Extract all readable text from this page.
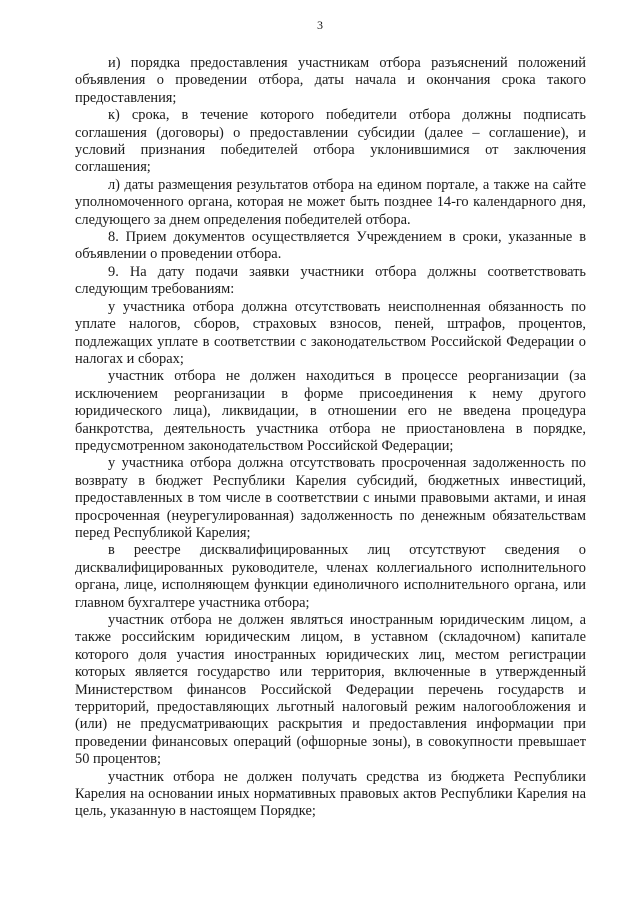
3

и) порядка предоставления участникам отбора разъяснений положений объявления о проведении отбора, даты начала и окончания срока такого предоставления;

к) срока, в течение которого победители отбора должны подписать соглашения (договоры) о предоставлении субсидии (далее – соглашение), и условий признания победителей отбора уклонившимися от заключения соглашения;

л) даты размещения результатов отбора на едином портале, а также на сайте уполномоченного органа, которая не может быть позднее 14-го календарного дня, следующего за днем определения победителей отбора.

8. Прием документов осуществляется Учреждением в сроки, указанные в объявлении о проведении отбора.

9. На дату подачи заявки участники отбора должны соответствовать следующим требованиям:

у участника отбора должна отсутствовать неисполненная обязанность по уплате налогов, сборов, страховых взносов, пеней, штрафов, процентов, подлежащих уплате в соответствии с законодательством Российской Федерации о налогах и сборах;

участник отбора не должен находиться в процессе реорганизации (за исключением реорганизации в форме присоединения к нему другого юридического лица), ликвидации, в отношении его не введена процедура банкротства, деятельность участника отбора не приостановлена в порядке, предусмотренном законодательством Российской Федерации;

у участника отбора должна отсутствовать просроченная задолженность по возврату в бюджет Республики Карелия субсидий, бюджетных инвестиций, предоставленных в том числе в соответствии с иными правовыми актами, и иная просроченная (неурегулированная) задолженность по денежным обязательствам перед Республикой Карелия;

в реестре дисквалифицированных лиц отсутствуют сведения о дисквалифицированных руководителе, членах коллегиального исполнительного органа, лице, исполняющем функции единоличного исполнительного органа, или главном бухгалтере участника отбора;

участник отбора не должен являться иностранным юридическим лицом, а также российским юридическим лицом, в уставном (складочном) капитале которого доля участия иностранных юридических лиц, местом регистрации которых является государство или территория, включенные в утвержденный Министерством финансов Российской Федерации перечень государств и территорий, предоставляющих льготный налоговый режим налогообложения и (или) не предусматривающих раскрытия и предоставления информации при проведении финансовых операций (офшорные зоны), в совокупности превышает 50 процентов;

участник отбора не должен получать средства из бюджета Республики Карелия на основании иных нормативных правовых актов Республики Карелия на цель, указанную в настоящем Порядке;
